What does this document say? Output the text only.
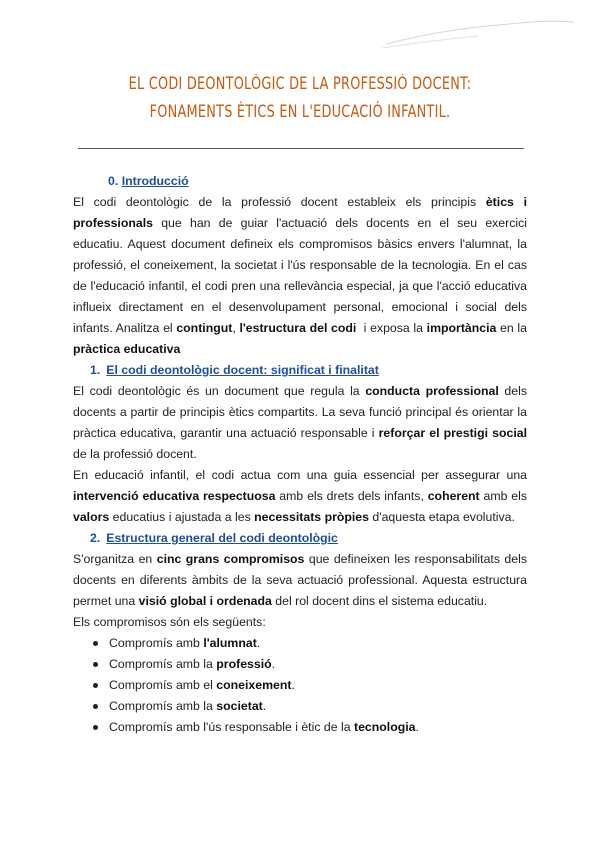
EL CODI DEONTOLÒGIC DE LA PROFESSIÓ DOCENT: FONAMENTS ÈTICS EN L'EDUCACIÓ INFANTIL.

0. Introducció

El codi deontològic de la professió docent estableix els principis ètics i professionals que han de guiar l'actuació dels docents en el seu exercici educatiu. Aquest document defineix els compromisos bàsics envers l'alumnat, la professió, el coneixement, la societat i l'ús responsable de la tecnologia. En el cas de l'educació infantil, el codi pren una rellevància especial, ja que l'acció educativa influeix directament en el desenvolupament personal, emocional i social dels infants. Analitza el contingut, l'estructura del codi  i exposa la importància en la pràctica educativa

1. El codi deontològic docent: significat i finalitat

El codi deontològic és un document que regula la conducta professional dels docents a partir de principis ètics compartits. La seva funció principal és orientar la pràctica educativa, garantir una actuació responsable i reforçar el prestigi social de la professió docent.

En educació infantil, el codi actua com una guia essencial per assegurar una intervenció educativa respectuosa amb els drets dels infants, coherent amb els valors educatius i ajustada a les necessitats pròpies d'aquesta etapa evolutiva.

2. Estructura general del codi deontològic

S'organitza en cinc grans compromisos que defineixen les responsabilitats dels docents en diferents àmbits de la seva actuació professional. Aquesta estructura permet una visió global i ordenada del rol docent dins el sistema educatiu.

Els compromisos són els següents:

Compromís amb l'alumnat.
Compromís amb la professió.
Compromís amb el coneixement.
Compromís amb la societat.
Compromís amb l'ús responsable i ètic de la tecnologia.
